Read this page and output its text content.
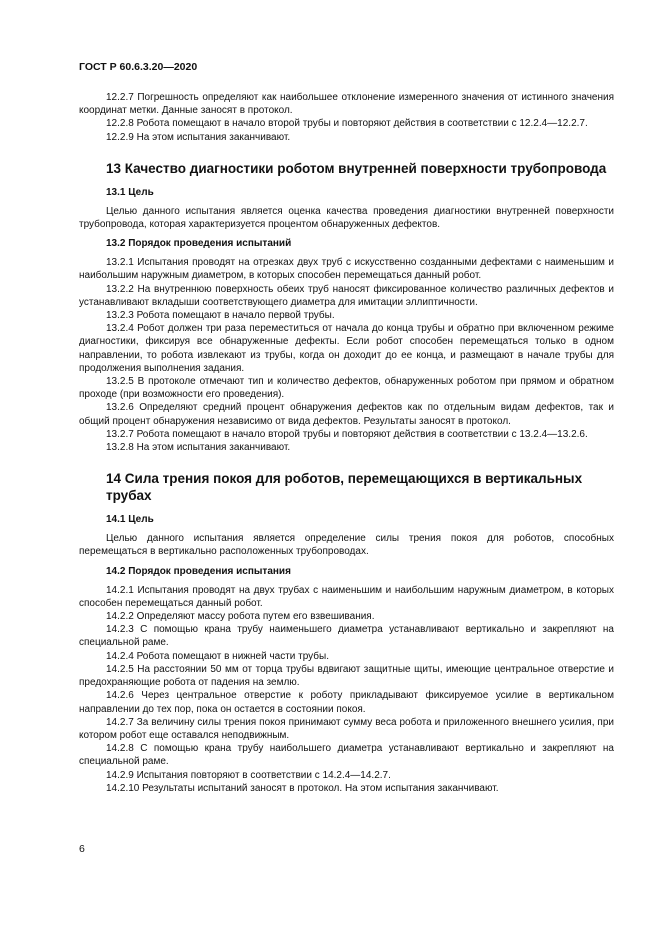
ГОСТ Р 60.6.3.20—2020

12.2.7 Погрешность определяют как наибольшее отклонение измеренного значения от истинного значения координат метки. Данные заносят в протокол.

12.2.8 Робота помещают в начало второй трубы и повторяют действия в соответствии с 12.2.4—12.2.7.

12.2.9 На этом испытания заканчивают.

13 Качество диагностики роботом внутренней поверхности трубопровода
13.1 Цель

Целью данного испытания является оценка качества проведения диагностики внутренней поверхности трубопровода, которая характеризуется процентом обнаруженных дефектов.

13.2 Порядок проведения испытаний

13.2.1 Испытания проводят на отрезках двух труб с искусственно созданными дефектами с наименьшим и наибольшим наружным диаметром, в которых способен перемещаться данный робот.

13.2.2 На внутреннюю поверхность обеих труб наносят фиксированное количество различных дефектов и устанавливают вкладыши соответствующего диаметра для имитации эллиптичности.

13.2.3 Робота помещают в начало первой трубы.

13.2.4 Робот должен три раза переместиться от начала до конца трубы и обратно при включенном режиме диагностики, фиксируя все обнаруженные дефекты. Если робот способен перемещаться только в одном направлении, то робота извлекают из трубы, когда он доходит до ее конца, и размещают в начале трубы для продолжения выполнения задания.

13.2.5 В протоколе отмечают тип и количество дефектов, обнаруженных роботом при прямом и обратном проходе (при возможности его проведения).

13.2.6 Определяют средний процент обнаружения дефектов как по отдельным видам дефектов, так и общий процент обнаружения независимо от вида дефектов. Результаты заносят в протокол.

13.2.7 Робота помещают в начало второй трубы и повторяют действия в соответствии с 13.2.4—13.2.6.

13.2.8 На этом испытания заканчивают.

14 Сила трения покоя для роботов, перемещающихся в вертикальных трубах
14.1 Цель

Целью данного испытания является определение силы трения покоя для роботов, способных перемещаться в вертикально расположенных трубопроводах.

14.2 Порядок проведения испытания

14.2.1 Испытания проводят на двух трубах с наименьшим и наибольшим наружным диаметром, в которых способен перемещаться данный робот.

14.2.2 Определяют массу робота путем его взвешивания.

14.2.3 С помощью крана трубу наименьшего диаметра устанавливают вертикально и закрепляют на специальной раме.

14.2.4 Робота помещают в нижней части трубы.

14.2.5 На расстоянии 50 мм от торца трубы вдвигают защитные щиты, имеющие центральное отверстие и предохраняющие робота от падения на землю.

14.2.6 Через центральное отверстие к роботу прикладывают фиксируемое усилие в вертикальном направлении до тех пор, пока он остается в состоянии покоя.

14.2.7 За величину силы трения покоя принимают сумму веса робота и приложенного внешнего усилия, при котором робот еще оставался неподвижным.

14.2.8 С помощью крана трубу наибольшего диаметра устанавливают вертикально и закрепляют на специальной раме.

14.2.9 Испытания повторяют в соответствии с 14.2.4—14.2.7.

14.2.10 Результаты испытаний заносят в протокол. На этом испытания заканчивают.

6
